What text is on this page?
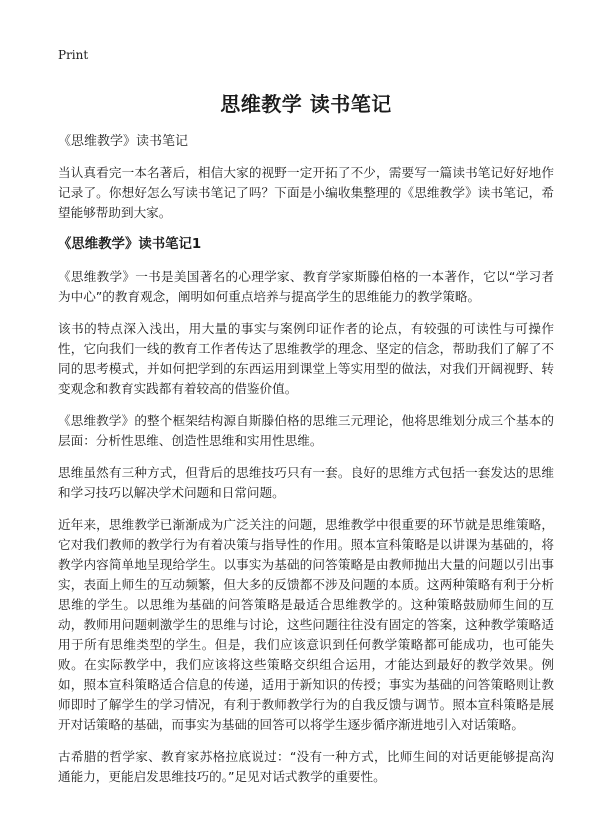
Print
思维教学 读书笔记
《思维教学》读书笔记

当认真看完一本名著后，相信大家的视野一定开拓了不少，需要写一篇读书笔记好好地作记录了。你想好怎么写读书笔记了吗？下面是小编收集整理的《思维教学》读书笔记，希望能够帮助到大家。

《思维教学》读书笔记1

《思维教学》一书是美国著名的心理学家、教育学家斯滕伯格的一本著作，它以“学习者为中心”的教育观念，阐明如何重点培养与提高学生的思维能力的教学策略。

该书的特点深入浅出，用大量的事实与案例印证作者的论点，有较强的可读性与可操作性，它向我们一线的教育工作者传达了思维教学的理念、坚定的信念，帮助我们了解了不同的思考模式，并如何把学到的东西运用到课堂上等实用型的做法，对我们开阔视野、转变观念和教育实践都有着较高的借鉴价值。

《思维教学》的整个框架结构源自斯滕伯格的思维三元理论，他将思维划分成三个基本的层面：分析性思维、创造性思维和实用性思维。

思维虽然有三种方式，但背后的思维技巧只有一套。良好的思维方式包括一套发达的思维和学习技巧以解决学术问题和日常问题。

近年来，思维教学已渐渐成为广泛关注的问题，思维教学中很重要的环节就是思维策略，它对我们教师的教学行为有着决策与指导性的作用。照本宣科策略是以讲课为基础的，将教学内容简单地呈现给学生。以事实为基础的问答策略是由教师抛出大量的问题以引出事实，表面上师生的互动频繁，但大多的反馈都不涉及问题的本质。这两种策略有利于分析思维的学生。以思维为基础的问答策略是最适合思维教学的。这种策略鼓励师生间的互动，教师用问题刺激学生的思维与讨论，这些问题往往没有固定的答案，这种教学策略适用于所有思维类型的学生。但是，我们应该意识到任何教学策略都可能成功，也可能失败。在实际教学中，我们应该将这些策略交织组合运用，才能达到最好的教学效果。例如，照本宣科策略适合信息的传递，适用于新知识的传授；事实为基础的问答策略则让教师即时了解学生的学习情况，有利于教师教学行为的自我反馈与调节。照本宣科策略是展开对话策略的基础，而事实为基础的回答可以将学生逐步循序渐进地引入对话策略。

古希腊的哲学家、教育家苏格拉底说过：“没有一种方式，比师生间的对话更能够提高沟通能力，更能启发思维技巧的。”足见对话式教学的重要性。
